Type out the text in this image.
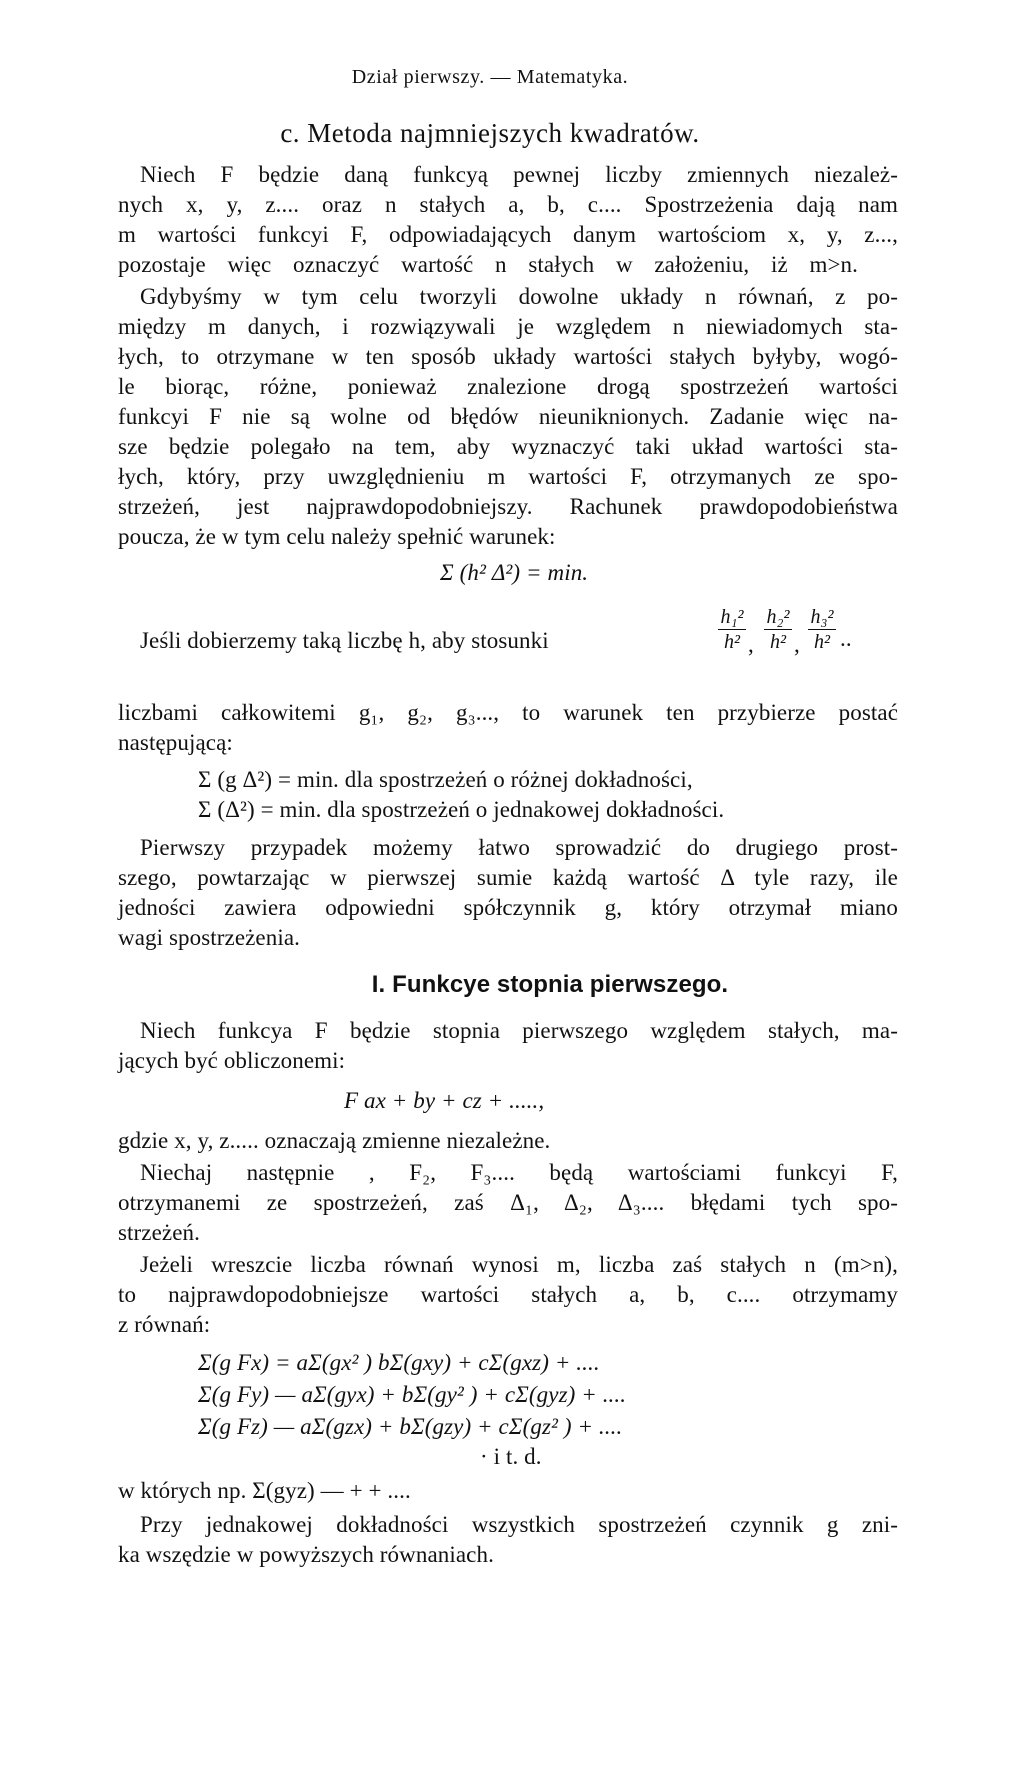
Dział pierwszy. — Matematyka.
c. Metoda najmniejszych kwadratów.
Niech F będzie daną funkcyą pewnej liczby zmiennych niezależ-
nych x, y, z.... oraz n stałych a, b, c.... Spostrzeżenia dają nam
m wartości funkcyi F, odpowiadających danym wartościom x, y, z...,
pozostaje więc oznaczyć wartość n stałych w założeniu, iż m>n.
Gdybyśmy w tym celu tworzyli dowolne układy n równań, z po-
między m danych, i rozwiązywali je względem n niewiadomych sta-
łych, to otrzymane w ten sposób układy wartości stałych byłyby, wogó-
le biorąc, różne, ponieważ znalezione drogą spostrzeżeń wartości
funkcyi F nie są wolne od błędów nieuniknionych. Zadanie więc na-
sze będzie polegało na tem, aby wyznaczyć taki układ wartości sta-
łych, który, przy uwzględnieniu m wartości F, otrzymanych ze spo-
strzeżeń, jest najprawdopodobniejszy. Rachunek prawdopodobieństwa
poucza, że w tym celu należy spełnić warunek:
Σ (h² Δ²) = min.
Jeśli dobierzemy taką liczbę h, aby stosunki
h₁²
h² ,
h₂²
h² ,
h₃²
h² ..
liczbami całkowitemi g₁, g₂, g₃..., to warunek ten przybierze postać
następującą:
Σ (g Δ²) = min. dla spostrzeżeń o różnej dokładności,
Σ (Δ²) = min. dla spostrzeżeń o jednakowej dokładności.
Pierwszy przypadek możemy łatwo sprowadzić do drugiego prost-
szego, powtarzając w pierwszej sumie każdą wartość Δ tyle razy, ile
jedności zawiera odpowiedni spółczynnik g, który otrzymał miano
wagi spostrzeżenia.
I. Funkcye stopnia pierwszego.
Niech funkcya F będzie stopnia pierwszego względem stałych, ma-
jących być obliczonemi:
F ax + by + cz + .....,
gdzie x, y, z..... oznaczają zmienne niezależne.
Niechaj następnie , F₂, F₃.... będą wartościami funkcyi F,
otrzymanemi ze spostrzeżeń, zaś Δ₁, Δ₂, Δ₃.... błędami tych spo-
strzeżeń.
Jeżeli wreszcie liczba równań wynosi m, liczba zaś stałych n (m>n),
to najprawdopodobniejsze wartości stałych a, b, c.... otrzymamy
z równań:
Σ(g Fx) = aΣ(gx² ) bΣ(gxy) + cΣ(gxz) + ....
Σ(g Fy) — aΣ(gyx) + bΣ(gy² ) + cΣ(gyz) + ....
Σ(g Fz) — aΣ(gzx) + bΣ(gzy) + cΣ(gz² ) + ....
· i t. d.
w których np. Σ(gyz) — + + ....
Przy jednakowej dokładności wszystkich spostrzeżeń czynnik g zni-
ka wszędzie w powyższych równaniach.
